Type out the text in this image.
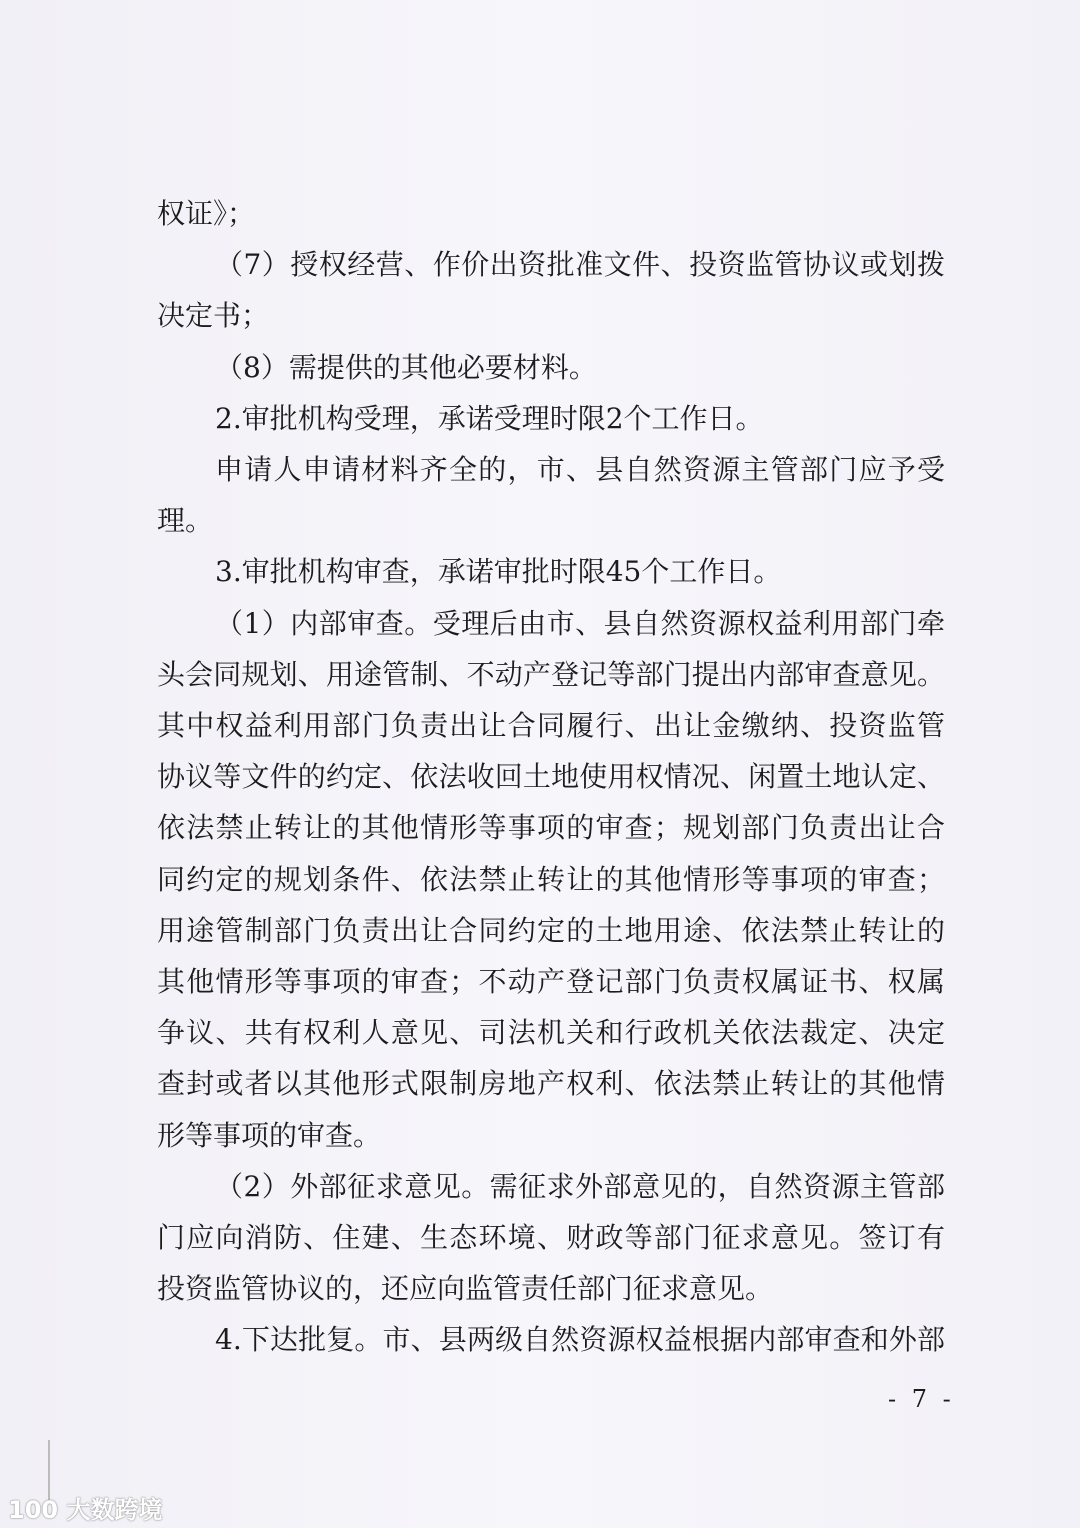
权证》；
（7）授权经营、作价出资批准文件、投资监管协议或划拨
决定书；
（8）需提供的其他必要材料。
2.审批机构受理，承诺受理时限2个工作日。
申请人申请材料齐全的，市、县自然资源主管部门应予受
理。
3.审批机构审查，承诺审批时限45个工作日。
（1）内部审查。受理后由市、县自然资源权益利用部门牵
头会同规划、用途管制、不动产登记等部门提出内部审查意见。
其中权益利用部门负责出让合同履行、出让金缴纳、投资监管
协议等文件的约定、依法收回土地使用权情况、闲置土地认定、
依法禁止转让的其他情形等事项的审查；规划部门负责出让合
同约定的规划条件、依法禁止转让的其他情形等事项的审查；
用途管制部门负责出让合同约定的土地用途、依法禁止转让的
其他情形等事项的审查；不动产登记部门负责权属证书、权属
争议、共有权利人意见、司法机关和行政机关依法裁定、决定
查封或者以其他形式限制房地产权利、依法禁止转让的其他情
形等事项的审查。
（2）外部征求意见。需征求外部意见的，自然资源主管部
门应向消防、住建、生态环境、财政等部门征求意见。签订有
投资监管协议的，还应向监管责任部门征求意见。
4.下达批复。市、县两级自然资源权益根据内部审查和外部
- 7 -
100 大数跨境
